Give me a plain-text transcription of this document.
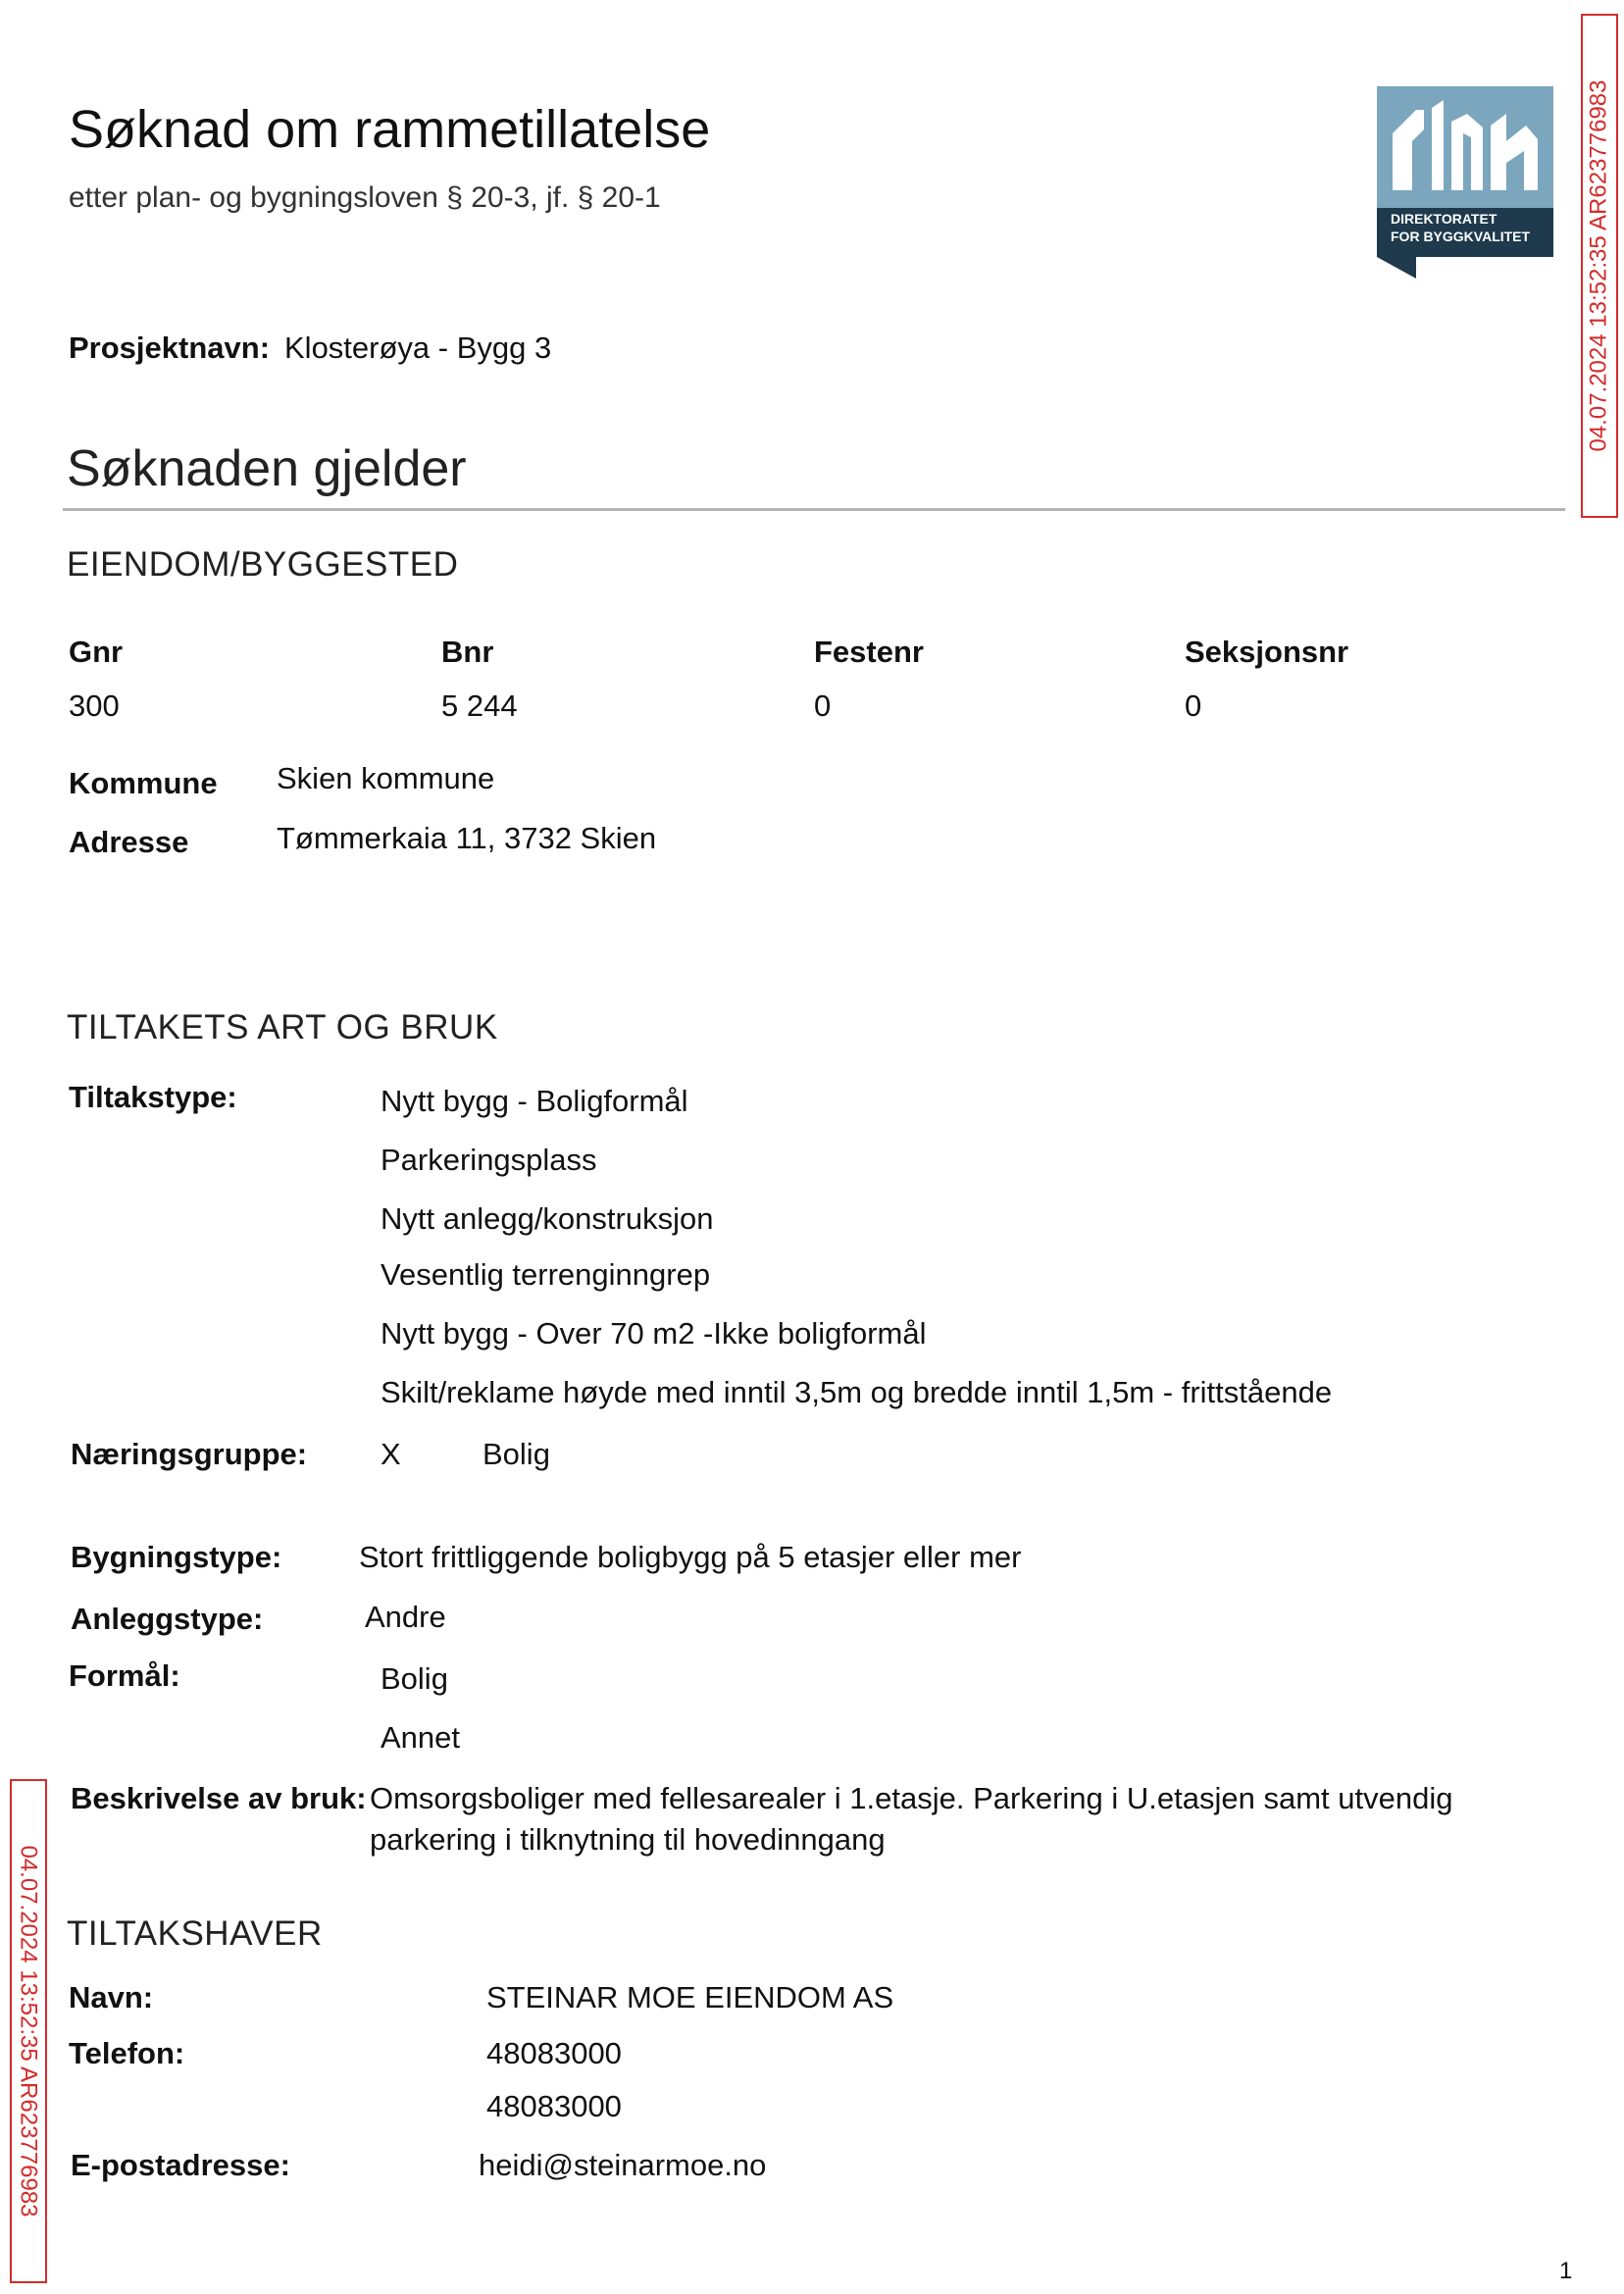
Søknad om rammetillatelse
etter plan- og bygningsloven § 20-3, jf. § 20-1
DIREKTORATET
FOR BYGGKVALITET 04.07.2024 13:52:35 AR623776983
04.07.2024 13:52:35 AR623776983
Prosjektnavn: Klosterøya - Bygg 3
Søknaden gjelder
EIENDOM/BYGGESTED
Gnr	Bnr	Festenr	Seksjonsnr
300	5 244	0	0
Kommune Skien kommune
Adresse	Tømmerkaia 11, 3732 Skien
TILTAKETS ART OG BRUK
Tiltakstype:	Nytt bygg - Boligformål
Parkeringsplass
Nytt anlegg/konstruksjon
Vesentlig terrenginngrep
Nytt bygg - Over 70 m2 -Ikke boligformål
Skilt/reklame høyde med inntil 3,5m og bredde inntil 1,5m - frittstående
Næringsgruppe: X	Bolig
Bygningstype:	Stort frittliggende boligbygg på 5 etasjer eller mer
Anleggstype:	Andre
Formål:	Bolig
Annet
Beskrivelse av bruk: Omsorgsboliger med fellesarealer i 1.etasje. Parkering i U.etasjen samt utvendig
parkering i tilknytning til hovedinngang
TILTAKSHAVER
Navn:	STEINAR MOE EIENDOM AS
Telefon:	48083000
48083000
E-postadresse:	heidi@steinarmoe.no
1
